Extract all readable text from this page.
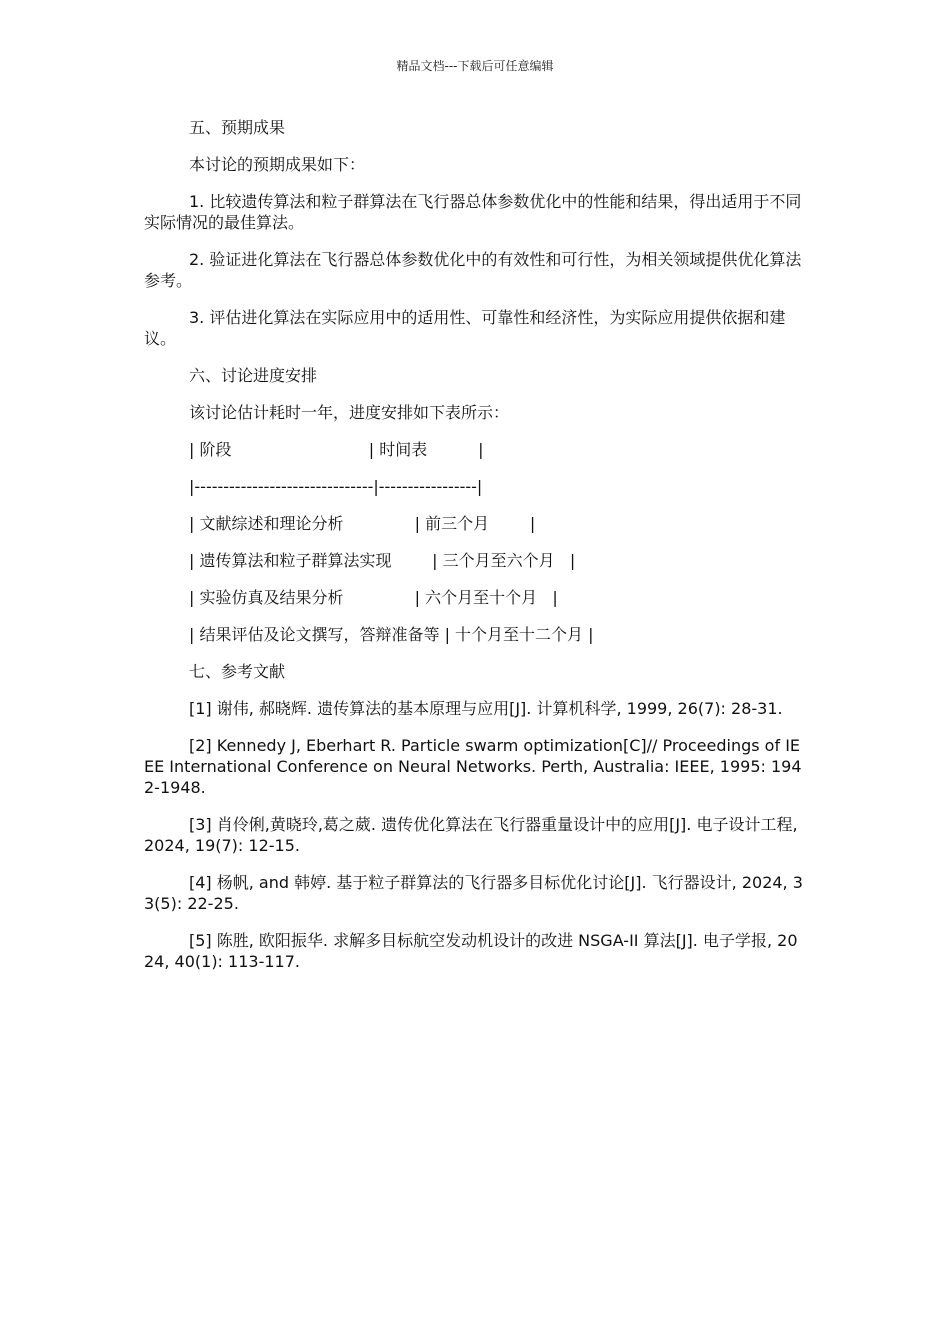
精品文档---下载后可任意编辑

五、预期成果

本讨论的预期成果如下：

1. 比较遗传算法和粒子群算法在飞行器总体参数优化中的性能和结果，得出适用于不同实际情况的最佳算法。

2. 验证进化算法在飞行器总体参数优化中的有效性和可行性，为相关领域提供优化算法参考。

3. 评估进化算法在实际应用中的适用性、可靠性和经济性，为实际应用提供依据和建议。

六、讨论进度安排

该讨论估计耗时一年，进度安排如下表所示：

| 阶段                           | 时间表          |

|-------------------------------|-----------------|

| 文献综述和理论分析              | 前三个月        |

| 遗传算法和粒子群算法实现        | 三个月至六个月   |

| 实验仿真及结果分析              | 六个月至十个月   |

| 结果评估及论文撰写，答辩准备等 | 十个月至十二个月 |

七、参考文献

[1] 谢伟, 郝晓辉. 遗传算法的基本原理与应用[J]. 计算机科学, 1999, 26(7): 28-31.

[2] Kennedy J, Eberhart R. Particle swarm optimization[C]// Proceedings of IEEE International Conference on Neural Networks. Perth, Australia: IEEE, 1995: 1942-1948.

[3] 肖伶俐,黄晓玲,葛之葳. 遗传优化算法在飞行器重量设计中的应用[J]. 电子设计工程, 2024, 19(7): 12-15.

[4] 杨帆, and 韩婷. 基于粒子群算法的飞行器多目标优化讨论[J]. 飞行器设计, 2024, 33(5): 22-25.

[5] 陈胜, 欧阳振华. 求解多目标航空发动机设计的改进 NSGA-II 算法[J]. 电子学报, 2024, 40(1): 113-117.
